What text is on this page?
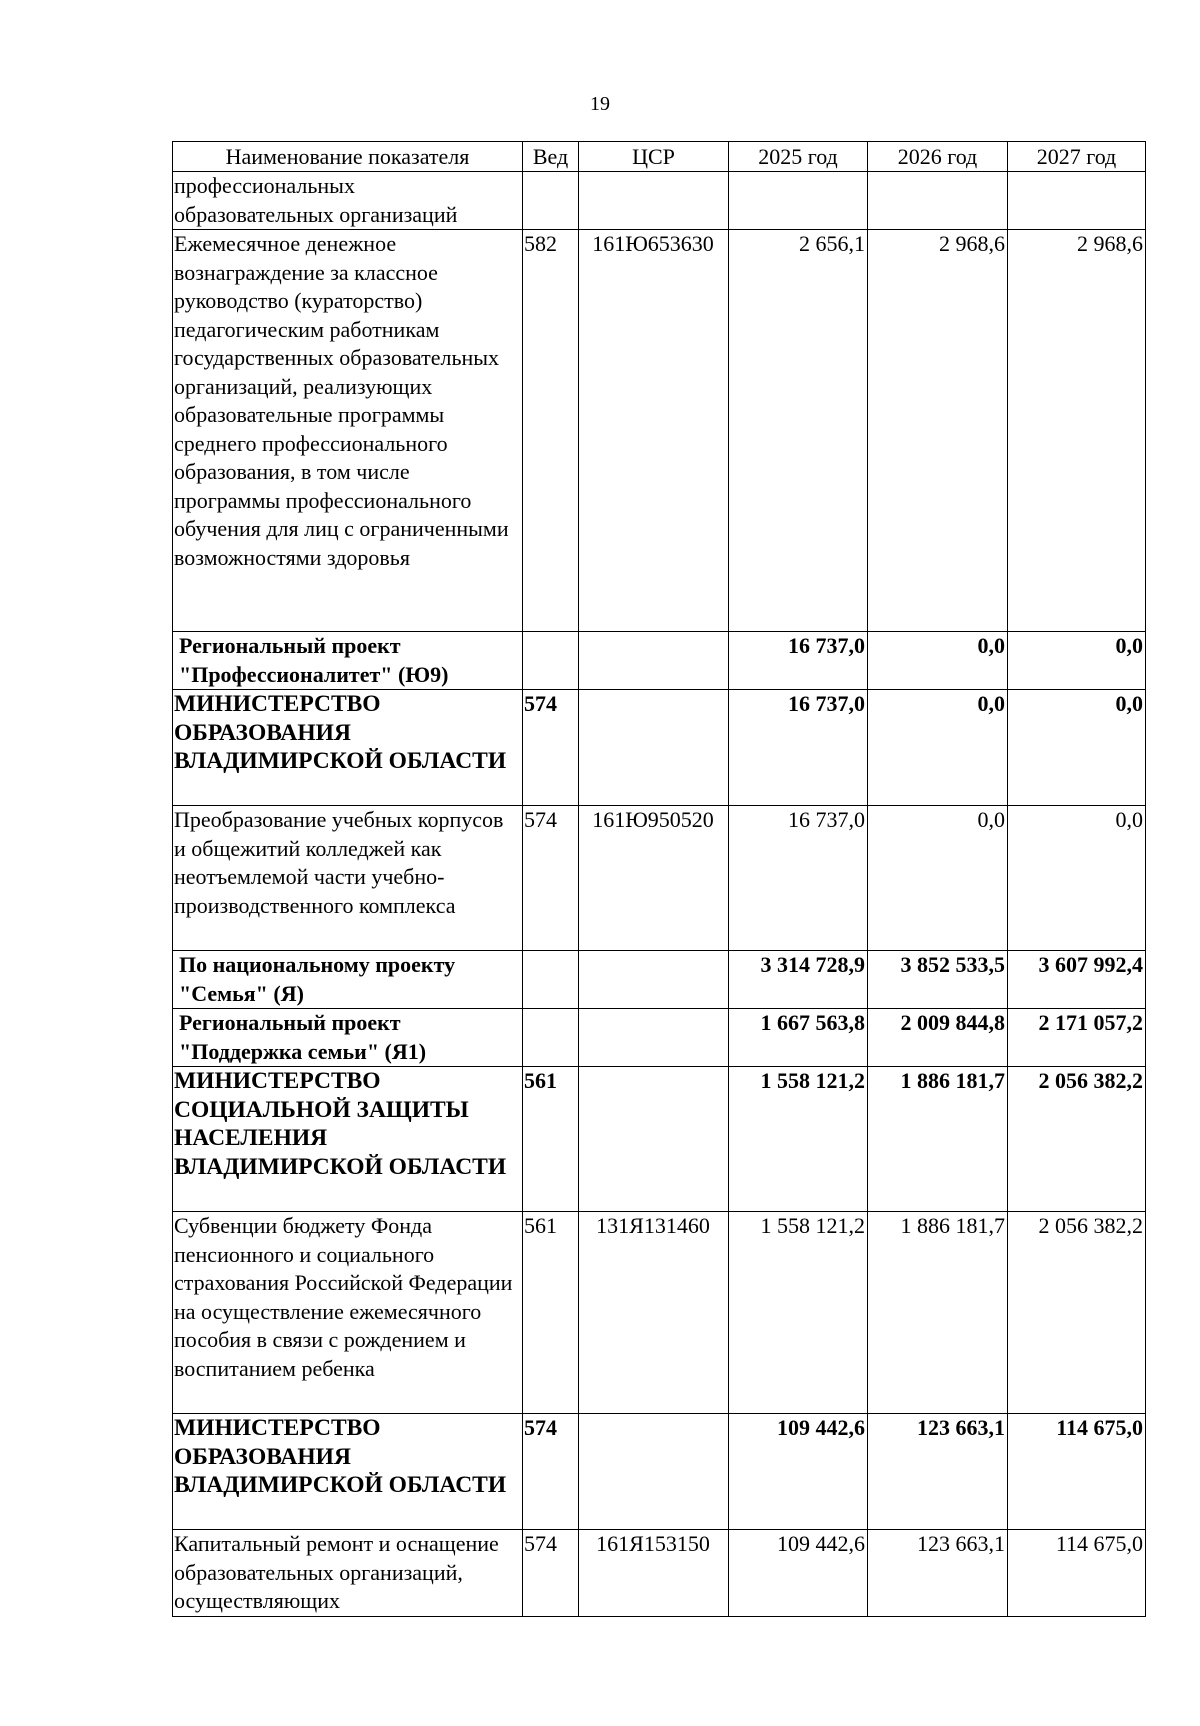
19
Наименование показателя	Вед	ЦСР	2025 год	2026 год	2027 год
профессиональных образовательных организаций					
Ежемесячное денежное вознаграждение за классное руководство (кураторство) педагогическим работникам государственных образовательных организаций, реализующих образовательные программы среднего профессионального образования, в том числе программы профессионального обучения для лиц с ограниченными возможностями здоровья	582	161Ю653630	2 656,1	2 968,6	2 968,6
Региональный проект "Профессионалитет" (Ю9)			16 737,0	0,0	0,0
МИНИСТЕРСТВО ОБРАЗОВАНИЯ ВЛАДИМИРСКОЙ ОБЛАСТИ	574		16 737,0	0,0	0,0
Преобразование учебных корпусов и общежитий колледжей как неотъемлемой части учебно-производственного комплекса	574	161Ю950520	16 737,0	0,0	0,0
По национальному проекту "Семья" (Я)			3 314 728,9	3 852 533,5	3 607 992,4
Региональный проект "Поддержка семьи" (Я1)			1 667 563,8	2 009 844,8	2 171 057,2
МИНИСТЕРСТВО СОЦИАЛЬНОЙ ЗАЩИТЫ НАСЕЛЕНИЯ ВЛАДИМИРСКОЙ ОБЛАСТИ	561		1 558 121,2	1 886 181,7	2 056 382,2
Субвенции бюджету Фонда пенсионного и социального страхования Российской Федерации на осуществление ежемесячного пособия в связи с рождением и воспитанием ребенка	561	131Я131460	1 558 121,2	1 886 181,7	2 056 382,2
МИНИСТЕРСТВО ОБРАЗОВАНИЯ ВЛАДИМИРСКОЙ ОБЛАСТИ	574		109 442,6	123 663,1	114 675,0
Капитальный ремонт и оснащение образовательных организаций, осуществляющих	574	161Я153150	109 442,6	123 663,1	114 675,0
